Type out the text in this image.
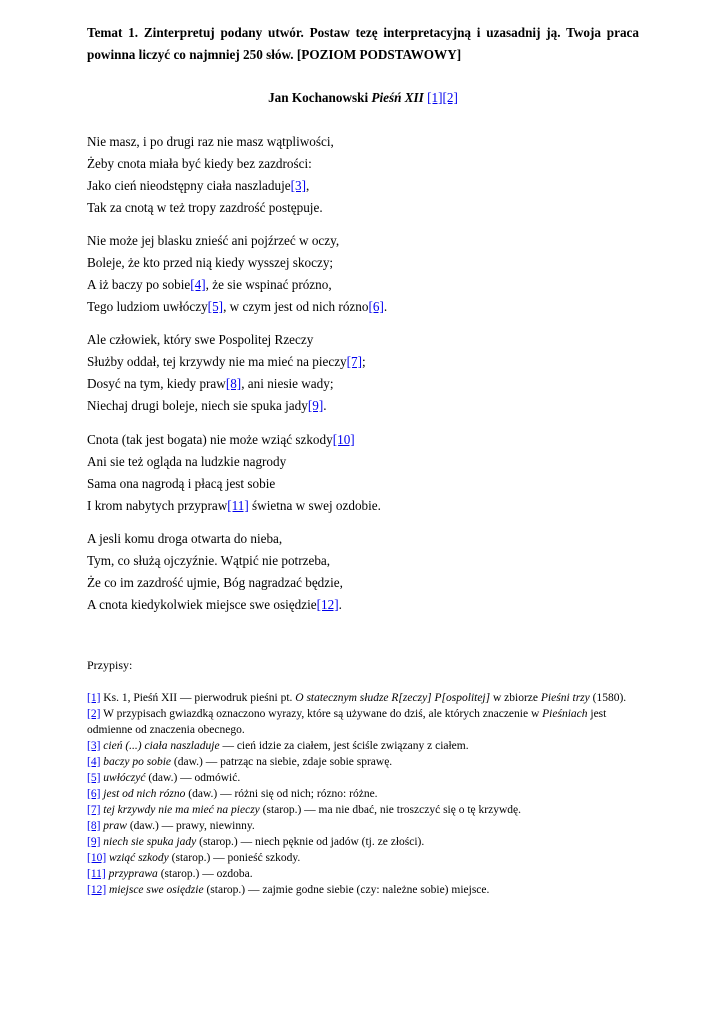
Temat 1. Zinterpretuj podany utwór. Postaw tezę interpretacyjną i uzasadnij ją. Twoja praca powinna liczyć co najmniej 250 słów. [POZIOM PODSTAWOWY]
Jan Kochanowski Pieśń XII [1][2]
Nie masz, i po drugi raz nie masz wątpliwości,
Żeby cnota miała być kiedy bez zazdrości:
Jako cień nieodstępny ciała naszladuje[3],
Tak za cnotą w też tropy zazdrość postępuje.
Nie może jej blasku znieść ani pojźrzeć w oczy,
Boleje, że kto przed nią kiedy wysszej skoczy;
A iż baczy po sobie[4], że sie wspinać prózno,
Tego ludziom uwłóczy[5], w czym jest od nich rózno[6].
Ale człowiek, który swe Pospolitej Rzeczy
Służby oddał, tej krzywdy nie ma mieć na pieczy[7];
Dosyć na tym, kiedy praw[8], ani niesie wady;
Niechaj drugi boleje, niech sie spuka jady[9].
Cnota (tak jest bogata) nie może wziąć szkody[10]
Ani sie też ogląda na ludzkie nagrody
Sama ona nagrodą i płacą jest sobie
I krom nabytych przypraw[11] świetna w swej ozdobie.
A jesli komu droga otwarta do nieba,
Tym, co służą ojczyźnie. Wątpić nie potrzeba,
Że co im zazdrość ujmie, Bóg nagradzać będzie,
A cnota kiedykolwiek miejsce swe osiędzie[12].
Przypisy:
[1] Ks. 1, Pieśń XII — pierwodruk pieśni pt. O statecznym słudze R[zeczy] P[ospolitej] w zbiorze Pieśni trzy (1580).
[2] W przypisach gwiazdką oznaczono wyrazy, które są używane do dziś, ale których znaczenie w Pieśniach jest odmienne od znaczenia obecnego.
[3] cień (...) ciała naszladuje — cień idzie za ciałem, jest ściśle związany z ciałem.
[4] baczy po sobie (daw.) — patrząc na siebie, zdaje sobie sprawę.
[5] uwłóczyć (daw.) — odmówić.
[6] jest od nich rózno (daw.) — różni się od nich; rózno: różne.
[7] tej krzywdy nie ma mieć na pieczy (starop.) — ma nie dbać, nie troszczyć się o tę krzywdę.
[8] praw (daw.) — prawy, niewinny.
[9] niech sie spuka jady (starop.) — niech pęknie od jadów (tj. ze złości).
[10] wziąć szkody (starop.) — ponieść szkody.
[11] przyprawa (starop.) — ozdoba.
[12] miejsce swe osiędzie (starop.) — zajmie godne siebie (czy: należne sobie) miejsce.
